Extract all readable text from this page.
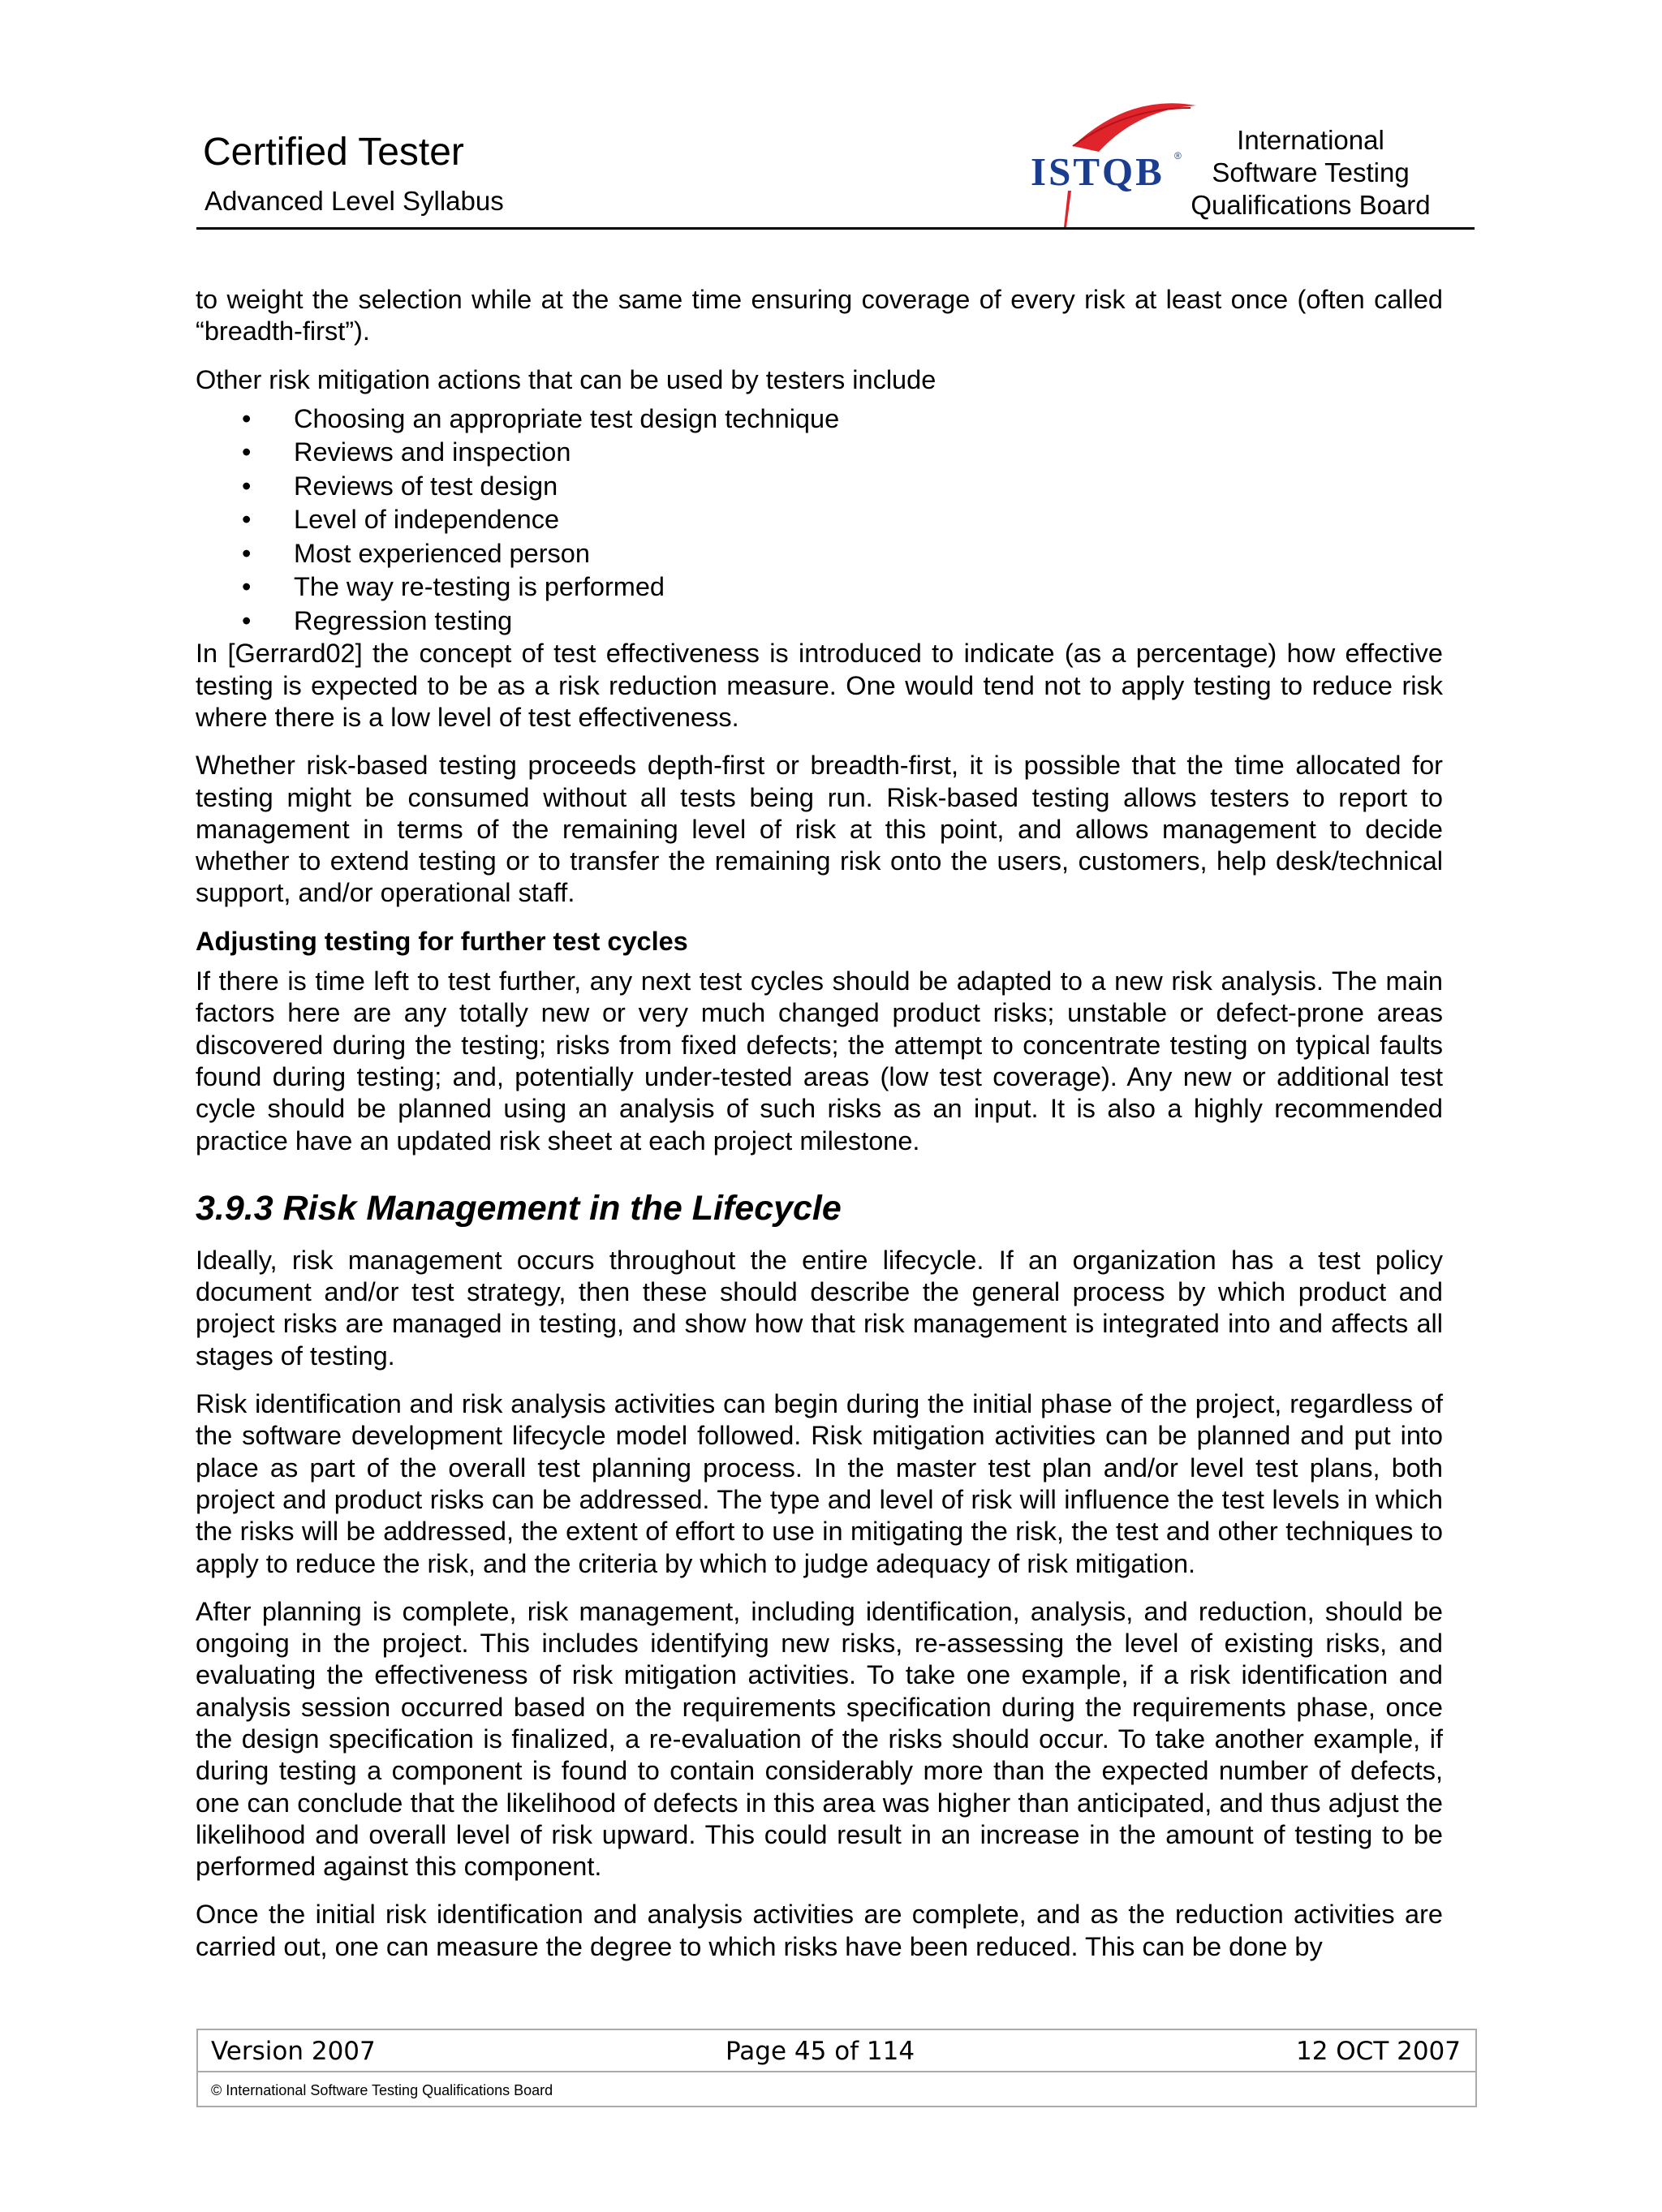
Certified Tester
Advanced Level Syllabus
ISTQB ®
International
Software Testing
Qualifications Board

to weight the selection while at the same time ensuring coverage of every risk at least once (often called “breadth-first”).

Other risk mitigation actions that can be used by testers include

• Choosing an appropriate test design technique
• Reviews and inspection
• Reviews of test design
• Level of independence
• Most experienced person
• The way re-testing is performed
• Regression testing

In [Gerrard02] the concept of test effectiveness is introduced to indicate (as a percentage) how effective testing is expected to be as a risk reduction measure. One would tend not to apply testing to reduce risk where there is a low level of test effectiveness.

Whether risk-based testing proceeds depth-first or breadth-first, it is possible that the time allocated for testing might be consumed without all tests being run. Risk-based testing allows testers to report to management in terms of the remaining level of risk at this point, and allows management to decide whether to extend testing or to transfer the remaining risk onto the users, customers, help desk/technical support, and/or operational staff.

Adjusting testing for further test cycles

If there is time left to test further, any next test cycles should be adapted to a new risk analysis. The main factors here are any totally new or very much changed product risks; unstable or defect-prone areas discovered during the testing; risks from fixed defects; the attempt to concentrate testing on typical faults found during testing; and, potentially under-tested areas (low test coverage). Any new or additional test cycle should be planned using an analysis of such risks as an input. It is also a highly recommended practice have an updated risk sheet at each project milestone.

3.9.3 Risk Management in the Lifecycle

Ideally, risk management occurs throughout the entire lifecycle. If an organization has a test policy document and/or test strategy, then these should describe the general process by which product and project risks are managed in testing, and show how that risk management is integrated into and affects all stages of testing.

Risk identification and risk analysis activities can begin during the initial phase of the project, regardless of the software development lifecycle model followed. Risk mitigation activities can be planned and put into place as part of the overall test planning process. In the master test plan and/or level test plans, both project and product risks can be addressed. The type and level of risk will influence the test levels in which the risks will be addressed, the extent of effort to use in mitigating the risk, the test and other techniques to apply to reduce the risk, and the criteria by which to judge adequacy of risk mitigation.

After planning is complete, risk management, including identification, analysis, and reduction, should be ongoing in the project. This includes identifying new risks, re-assessing the level of existing risks, and evaluating the effectiveness of risk mitigation activities. To take one example, if a risk identification and analysis session occurred based on the requirements specification during the requirements phase, once the design specification is finalized, a re-evaluation of the risks should occur. To take another example, if during testing a component is found to contain considerably more than the expected number of defects, one can conclude that the likelihood of defects in this area was higher than anticipated, and thus adjust the likelihood and overall level of risk upward. This could result in an increase in the amount of testing to be performed against this component.

Once the initial risk identification and analysis activities are complete, and as the reduction activities are carried out, one can measure the degree to which risks have been reduced. This can be done by

Version 2007	Page 45 of 114	12 OCT 2007
© International Software Testing Qualifications Board
